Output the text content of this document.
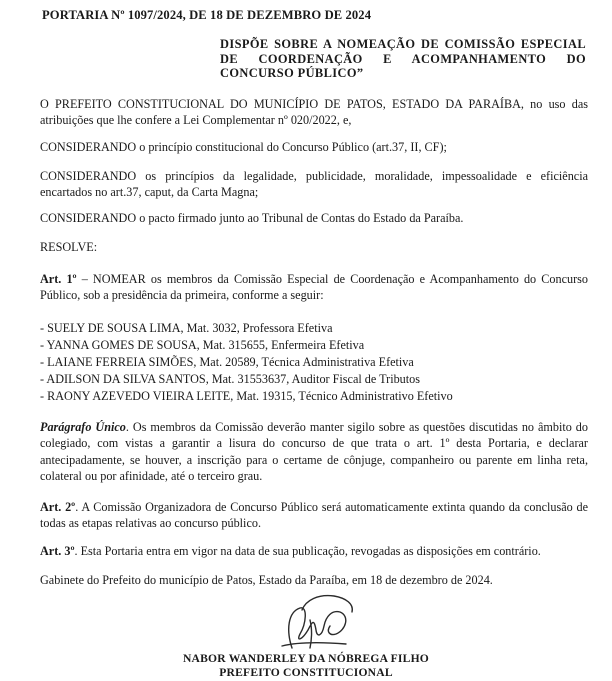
PORTARIA Nº 1097/2024, DE 18 DE DEZEMBRO DE 2024
DISPÕE SOBRE A NOMEAÇÃO DE COMISSÃO ESPECIAL DE COORDENAÇÃO E ACOMPANHAMENTO DO CONCURSO PÚBLICO”

O PREFEITO CONSTITUCIONAL DO MUNICÍPIO DE PATOS, ESTADO DA PARAÍBA, no uso das atribuições que lhe confere a Lei Complementar nº 020/2022, e,

CONSIDERANDO o princípio constitucional do Concurso Público (art.37, II, CF);

CONSIDERANDO os princípios da legalidade, publicidade, moralidade, impessoalidade e eficiência encartados no art.37, caput, da Carta Magna;

CONSIDERANDO o pacto firmado junto ao Tribunal de Contas do Estado da Paraíba.

RESOLVE:

Art. 1º – NOMEAR os membros da Comissão Especial de Coordenação e Acompanhamento do Concurso Público, sob a presidência da primeira, conforme a seguir:

- SUELY DE SOUSA LIMA, Mat. 3032, Professora Efetiva
- YANNA GOMES DE SOUSA, Mat. 315655, Enfermeira Efetiva
- LAIANE FERREIA SIMÕES, Mat. 20589, Técnica Administrativa Efetiva
- ADILSON DA SILVA SANTOS, Mat. 31553637, Auditor Fiscal de Tributos
- RAONY AZEVEDO VIEIRA LEITE, Mat. 19315, Técnico Administrativo Efetivo

Parágrafo Único. Os membros da Comissão deverão manter sigilo sobre as questões discutidas no âmbito do colegiado, com vistas a garantir a lisura do concurso de que trata o art. 1º desta Portaria, e declarar antecipadamente, se houver, a inscrição para o certame de cônjuge, companheiro ou parente em linha reta, colateral ou por afinidade, até o terceiro grau.

Art. 2º. A Comissão Organizadora de Concurso Público será automaticamente extinta quando da conclusão de todas as etapas relativas ao concurso público.

Art. 3º. Esta Portaria entra em vigor na data de sua publicação, revogadas as disposições em contrário.

Gabinete do Prefeito do município de Patos, Estado da Paraíba, em 18 de dezembro de 2024.

NABOR WANDERLEY DA NÓBREGA FILHO
PREFEITO CONSTITUCIONAL
